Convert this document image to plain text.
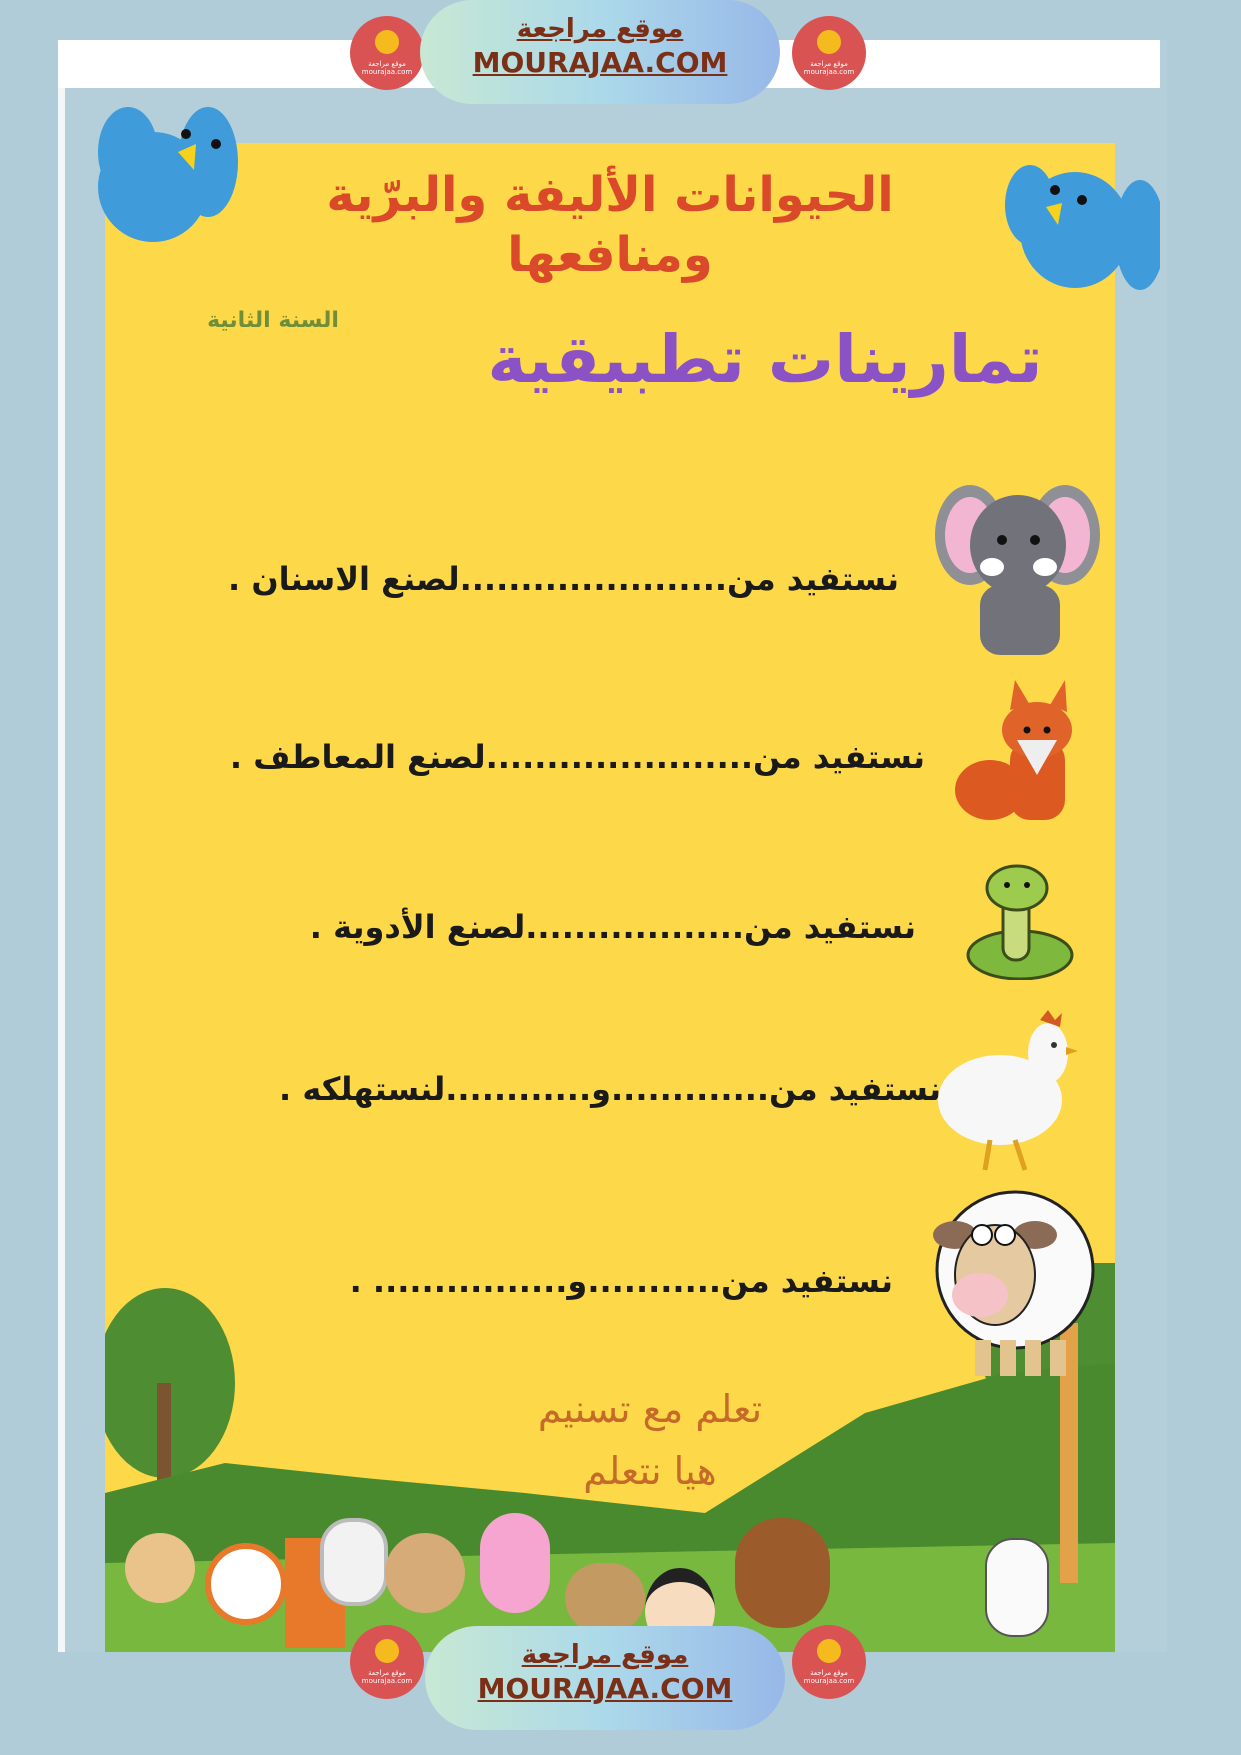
الحيوانات الأليفة والبرّية
ومنافعها
السنة الثانية
تمارينات تطبيقية
نستفيد من......................لصنع الاسنان .
نستفيد من......................لصنع المعاطف .
نستفيد من..................لصنع الأدوية .
نستفيد من.............و............لنستهلكه .
نستفيد من...........و................ .
تعلم مع تسنيم
هيا نتعلم
موقع مراجعة
mourajaa.com
موقع مراجعة
MOURAJAA.COM	موقع مراجعة
mourajaa.com
موقع مراجعة
mourajaa.com
موقع مراجعة
MOURAJAA.COM	موقع مراجعة
mourajaa.com
